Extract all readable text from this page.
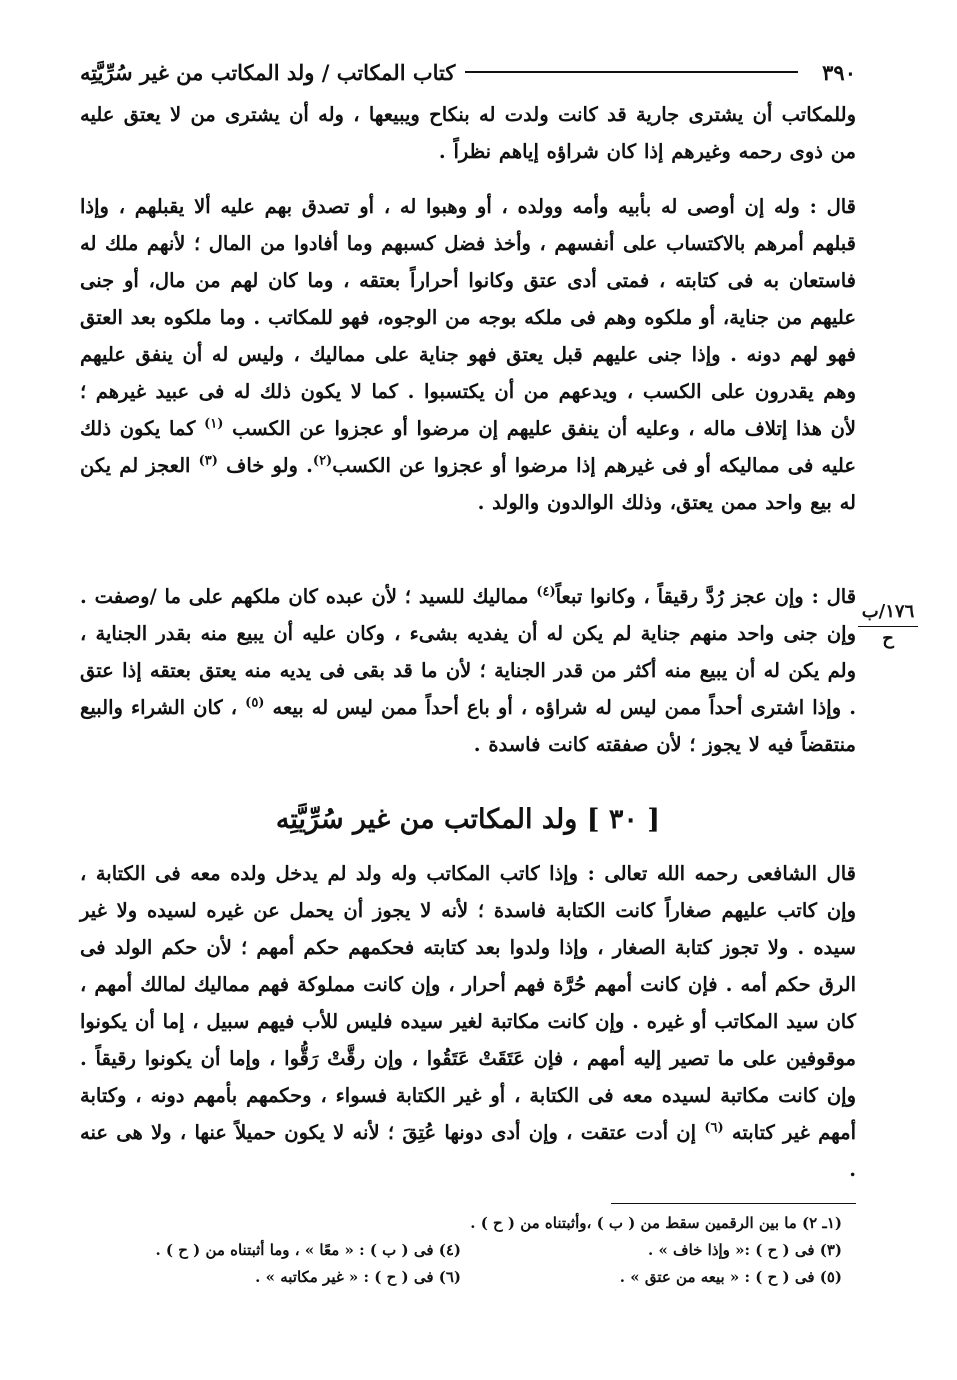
٣٩٠
كتاب المكاتب / ولد المكاتب من غير سُرِّيَّتِه

وللمكاتب أن يشترى جارية قد كانت ولدت له بنكاح ويبيعها ، وله أن يشترى من لا يعتق عليه من ذوى رحمه وغيرهم إذا كان شراؤه إياهم نظراً .

قال : وله إن أوصى له بأبيه وأمه وولده ، أو وهبوا له ، أو تصدق بهم عليه ألا يقبلهم ، وإذا قبلهم أمرهم بالاكتساب على أنفسهم ، وأخذ فضل كسبهم وما أفادوا من المال ؛ لأنهم ملك له فاستعان به فى كتابته ، فمتى أدى عتق وكانوا أحراراً بعتقه ، وما كان لهم من مال، أو جنى عليهم من جناية، أو ملكوه وهم فى ملكه بوجه من الوجوه، فهو للمكاتب . وما ملكوه بعد العتق فهو لهم دونه . وإذا جنى عليهم قبل يعتق فهو جناية على مماليك ، وليس له أن ينفق عليهم وهم يقدرون على الكسب ، ويدعهم من أن يكتسبوا . كما لا يكون ذلك له فى عبيد غيرهم ؛ لأن هذا إتلاف ماله ، وعليه أن ينفق عليهم إن مرضوا أو عجزوا عن الكسب $^{(١)}$ كما يكون ذلك عليه فى مماليكه أو فى غيرهم إذا مرضوا أو عجزوا عن الكسب$^{(٢)}$. ولو خاف $^{(٣)}$ العجز لم يكن له بيع واحد ممن يعتق، وذلك الوالدون والولد .

قال : وإن عجز رُدَّ رقيقاً ، وكانوا تبعاً$^{(٤)}$ مماليك للسيد ؛ لأن عبده كان ملكهم على ما /وصفت . وإن جنى واحد منهم جناية لم يكن له أن يفديه بشىء ، وكان عليه أن يبيع منه بقدر الجناية ، ولم يكن له أن يبيع منه أكثر من قدر الجناية ؛ لأن ما قد بقى فى يديه منه يعتق بعتقه إذا عتق . وإذا اشترى أحداً ممن ليس له شراؤه ، أو باع أحداً ممن ليس له بيعه $^{(٥)}$ ، كان الشراء والبيع منتقضاً فيه لا يجوز ؛ لأن صفقته كانت فاسدة .

١٧٦/ب
ح
[ ٣٠ ] ولد المكاتب من غير سُرِّيَّتِه

قال الشافعى رحمه الله تعالى : وإذا كاتب المكاتب وله ولد لم يدخل ولده معه فى الكتابة ، وإن كاتب عليهم صغاراً كانت الكتابة فاسدة ؛ لأنه لا يجوز أن يحمل عن غيره لسيده ولا غير سيده . ولا تجوز كتابة الصغار ، وإذا ولدوا بعد كتابته فحكمهم حكم أمهم ؛ لأن حكم الولد فى الرق حكم أمه . فإن كانت أمهم حُرَّة فهم أحرار ، وإن كانت مملوكة فهم مماليك لمالك أمهم ، كان سيد المكاتب أو غيره . وإن كانت مكاتبة لغير سيده فليس للأب فيهم سبيل ، إما أن يكونوا موقوفين على ما تصير إليه أمهم ، فإن عَتَقَتْ عَتَقُوا ، وإن رقَّتْ رَقُّوا ، وإما أن يكونوا رقيقاً . وإن كانت مكاتبة لسيده معه فى الكتابة ، أو غير الكتابة فسواء ، وحكمهم بأمهم دونه ، وكتابة أمهم غير كتابته $^{(٦)}$ إن أدت عتقت ، وإن أدى دونها عُتِقَ ؛ لأنه لا يكون حميلاً عنها ، ولا هى عنه .

(١ـ ٢) ما بين الرقمين سقط من ( ب ) ،وأثبتناه من ( ح ) .
(٣) فى ( ح ) :« وإذا خاف » .
(٤) فى ( ب ) : « معًا » ، وما أثبتناه من ( ح ) .
(٥) فى ( ح ) : « بيعه من عتق » .
(٦) فى ( ح ) : « غير مكاتبه » .
